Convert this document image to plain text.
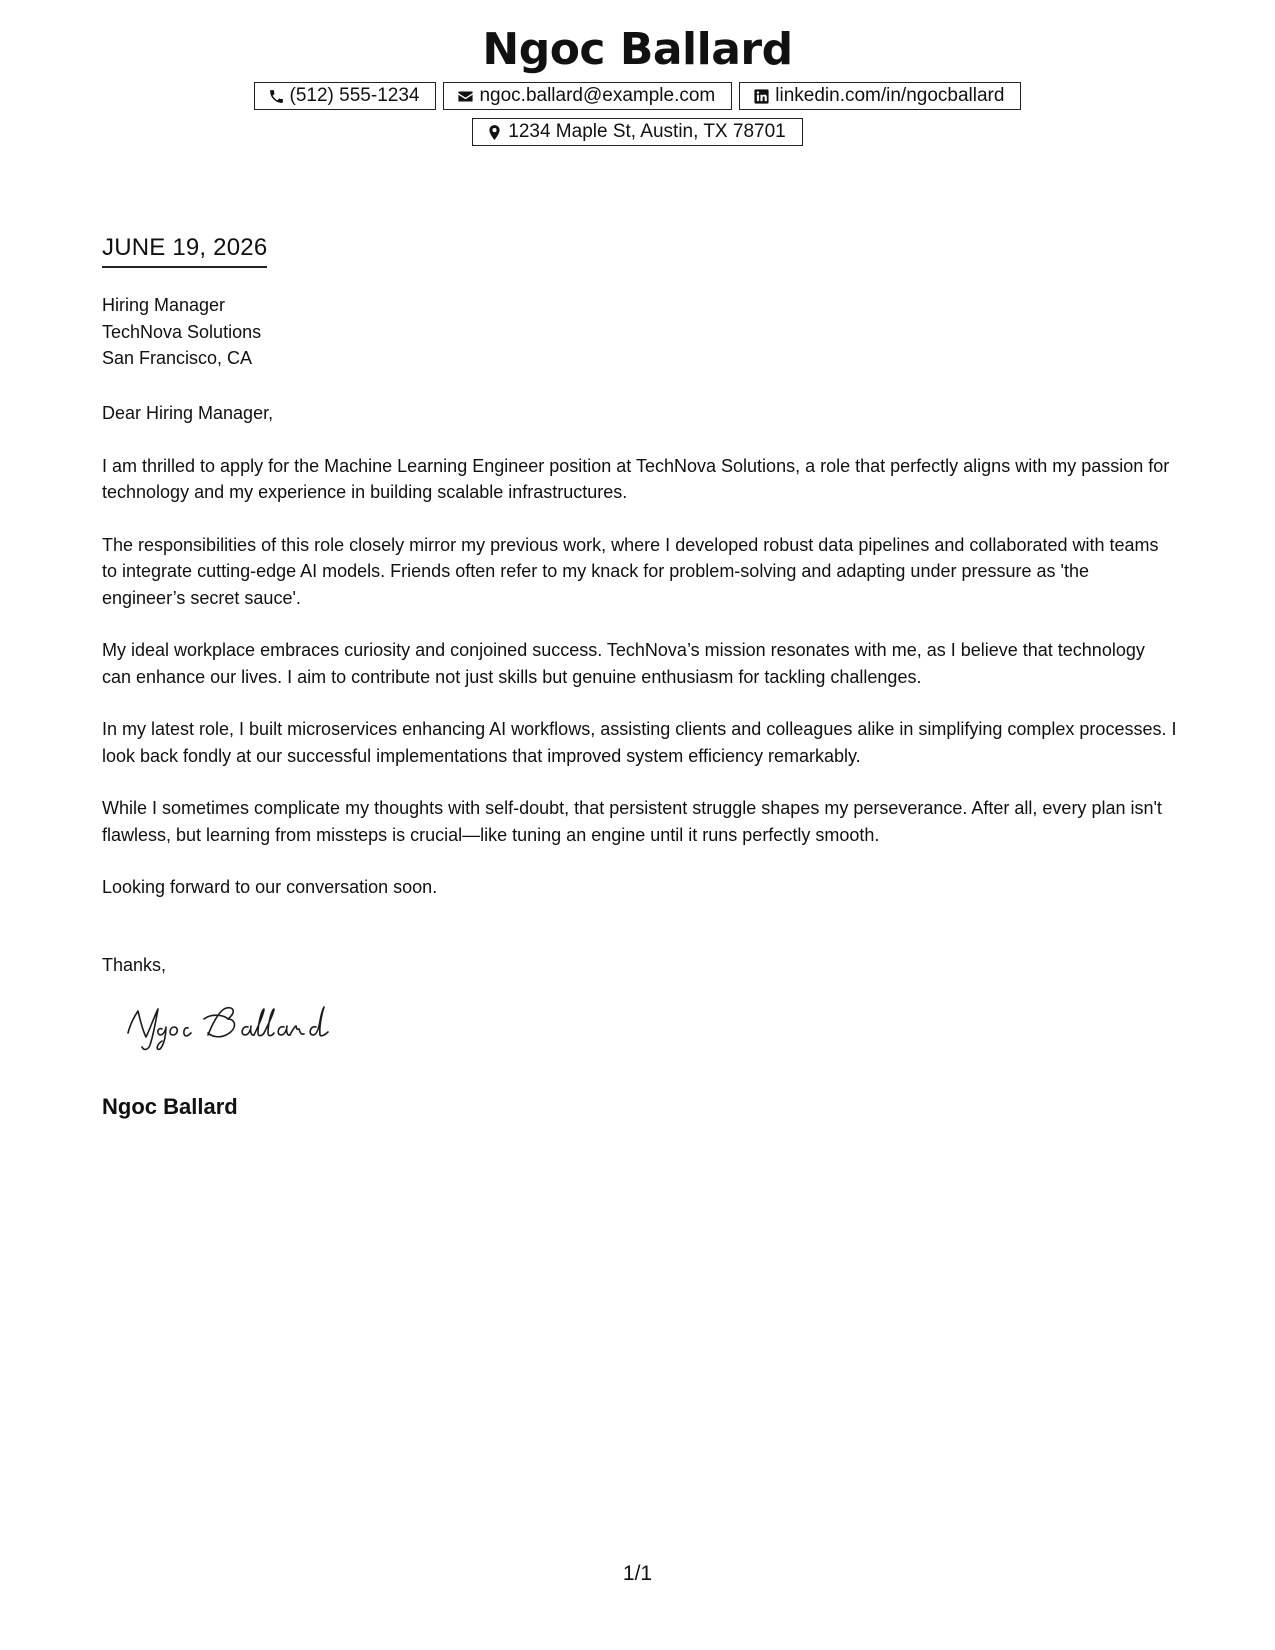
Ngoc Ballard
(512) 555-1234	ngoc.ballard@example.com	linkedin.com/in/ngocballard
1234 Maple St, Austin, TX 78701
JUNE 19, 2026
Hiring Manager
TechNova Solutions
San Francisco, CA

Dear Hiring Manager,

I am thrilled to apply for the Machine Learning Engineer position at TechNova Solutions, a role that perfectly aligns with my passion for technology and my experience in building scalable infrastructures.

The responsibilities of this role closely mirror my previous work, where I developed robust data pipelines and collaborated with teams to integrate cutting-edge AI models. Friends often refer to my knack for problem-solving and adapting under pressure as 'the engineer’s secret sauce'.

My ideal workplace embraces curiosity and conjoined success. TechNova’s mission resonates with me, as I believe that technology can enhance our lives. I aim to contribute not just skills but genuine enthusiasm for tackling challenges.

In my latest role, I built microservices enhancing AI workflows, assisting clients and colleagues alike in simplifying complex processes. I look back fondly at our successful implementations that improved system efficiency remarkably.

While I sometimes complicate my thoughts with self-doubt, that persistent struggle shapes my perseverance. After all, every plan isn't flawless, but learning from missteps is crucial—like tuning an engine until it runs perfectly smooth.

Looking forward to our conversation soon.

Thanks,
Ngoc Ballard
1/1
